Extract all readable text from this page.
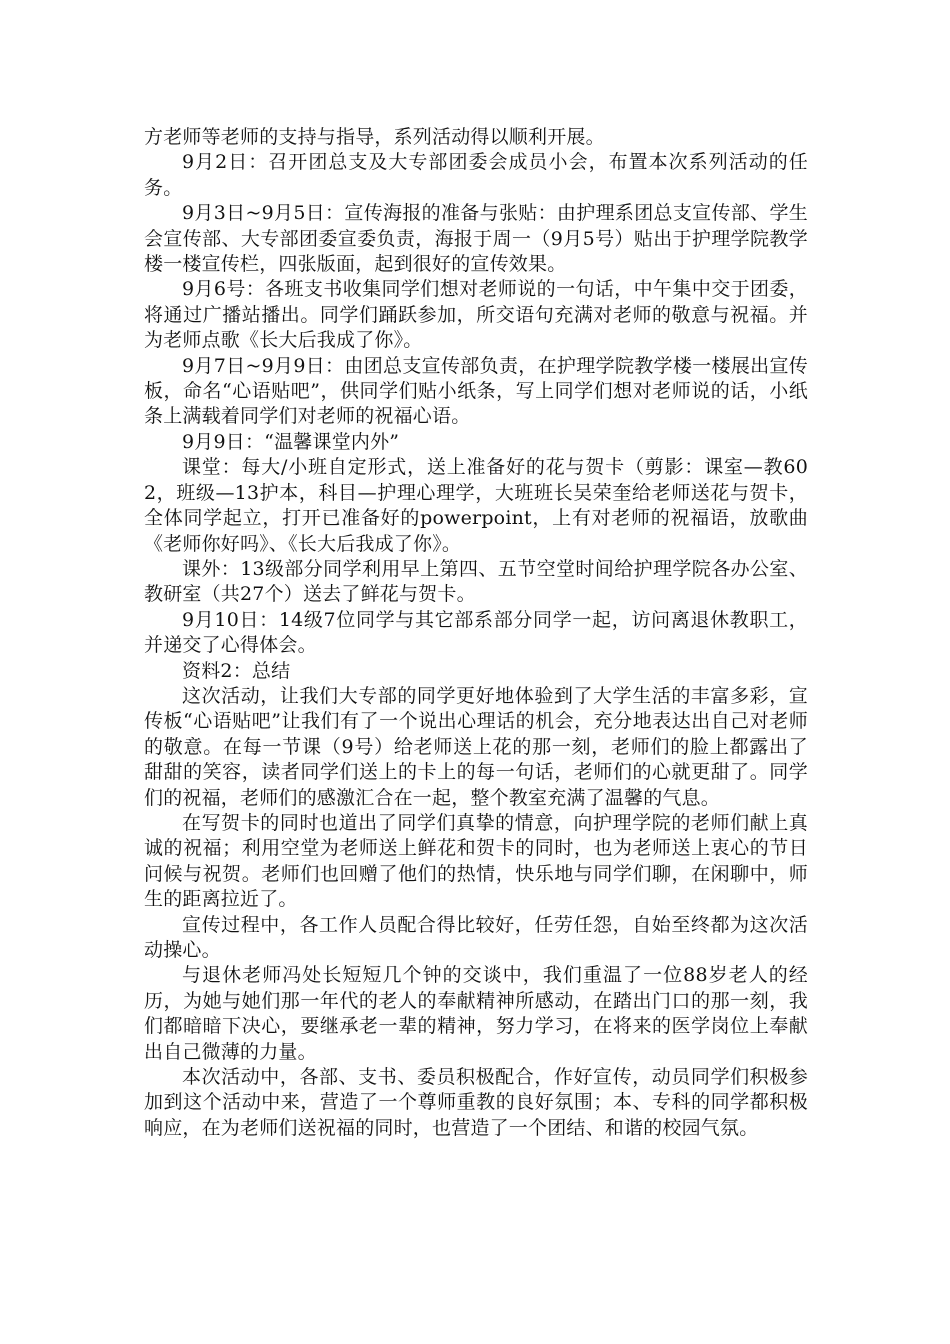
方老师等老师的支持与指导，系列活动得以顺利开展。

9月2日：召开团总支及大专部团委会成员小会，布置本次系列活动的任务。

9月3日~9月5日：宣传海报的准备与张贴：由护理系团总支宣传部、学生会宣传部、大专部团委宣委负责，海报于周一（9月5号）贴出于护理学院教学楼一楼宣传栏，四张版面，起到很好的宣传效果。

9月6号：各班支书收集同学们想对老师说的一句话，中午集中交于团委，将通过广播站播出。同学们踊跃参加，所交语句充满对老师的敬意与祝福。并为老师点歌《长大后我成了你》。

9月7日~9月9日：由团总支宣传部负责，在护理学院教学楼一楼展出宣传板，命名“心语贴吧”，供同学们贴小纸条，写上同学们想对老师说的话，小纸条上满载着同学们对老师的祝福心语。

9月9日：“温馨课堂内外”

课堂：每大/小班自定形式，送上准备好的花与贺卡（剪影：课室—教602，班级—13护本，科目—护理心理学，大班班长吴荣奎给老师送花与贺卡，全体同学起立，打开已准备好的powerpoint，上有对老师的祝福语，放歌曲《老师你好吗》、《长大后我成了你》。

课外：13级部分同学利用早上第四、五节空堂时间给护理学院各办公室、教研室（共27个）送去了鲜花与贺卡。

9月10日：14级7位同学与其它部系部分同学一起，访问离退休教职工，并递交了心得体会。

资料2：总结

这次活动，让我们大专部的同学更好地体验到了大学生活的丰富多彩，宣传板“心语贴吧”让我们有了一个说出心理话的机会，充分地表达出自己对老师的敬意。在每一节课（9号）给老师送上花的那一刻，老师们的脸上都露出了甜甜的笑容，读者同学们送上的卡上的每一句话，老师们的心就更甜了。同学们的祝福，老师们的感激汇合在一起，整个教室充满了温馨的气息。

在写贺卡的同时也道出了同学们真挚的情意，向护理学院的老师们献上真诚的祝福；利用空堂为老师送上鲜花和贺卡的同时，也为老师送上衷心的节日问候与祝贺。老师们也回赠了他们的热情，快乐地与同学们聊，在闲聊中，师生的距离拉近了。

宣传过程中，各工作人员配合得比较好，任劳任怨，自始至终都为这次活动操心。

与退休老师冯处长短短几个钟的交谈中，我们重温了一位88岁老人的经历，为她与她们那一年代的老人的奉献精神所感动，在踏出门口的那一刻，我们都暗暗下决心，要继承老一辈的精神，努力学习，在将来的医学岗位上奉献出自己微薄的力量。

本次活动中，各部、支书、委员积极配合，作好宣传，动员同学们积极参加到这个活动中来，营造了一个尊师重教的良好氛围；本、专科的同学都积极响应，在为老师们送祝福的同时，也营造了一个团结、和谐的校园气氛。
